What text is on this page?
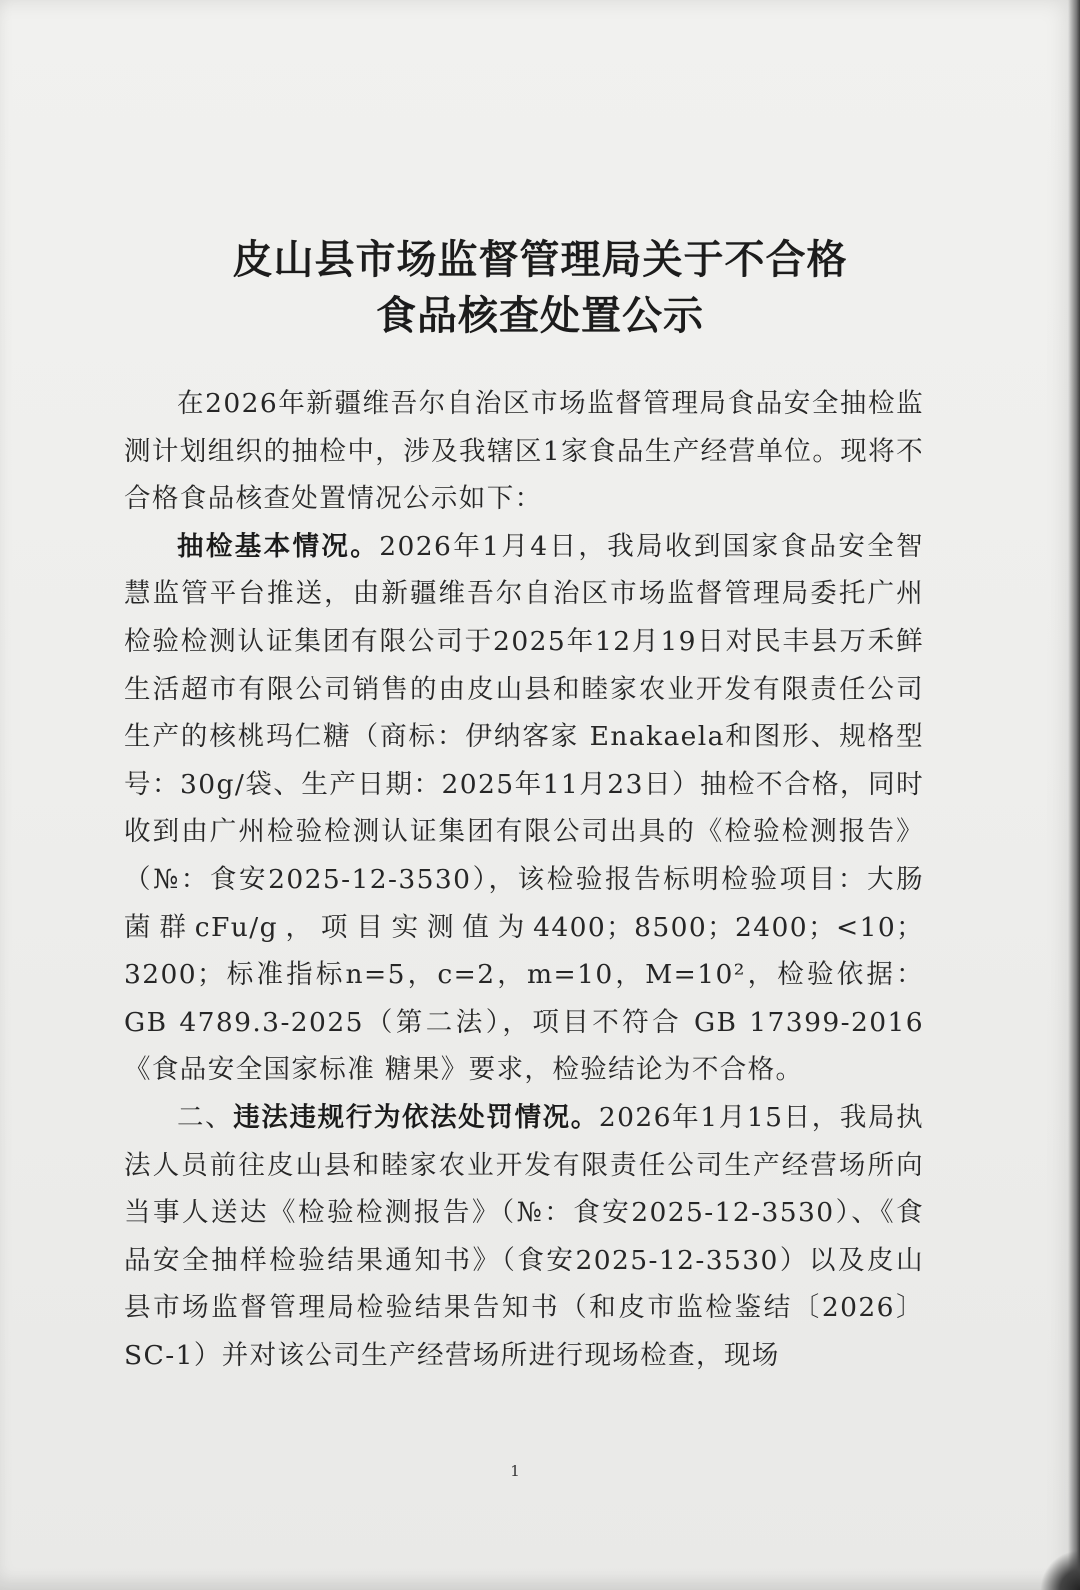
皮山县市场监督管理局关于不合格
食品核查处置公示

在2026年新疆维吾尔自治区市场监督管理局食品安全抽检监测计划组织的抽检中，涉及我辖区1家食品生产经营单位。现将不合格食品核查处置情况公示如下：

抽检基本情况。2026年1月4日，我局收到国家食品安全智慧监管平台推送，由新疆维吾尔自治区市场监督管理局委托广州检验检测认证集团有限公司于2025年12月19日对民丰县万禾鲜生活超市有限公司销售的由皮山县和睦家农业开发有限责任公司生产的核桃玛仁糖（商标：伊纳客家 Enakaela和图形、规格型号：30g/袋、生产日期：2025年11月23日）抽检不合格，同时收到由广州检验检测认证集团有限公司出具的《检验检测报告》（№：食安2025-12-3530），该检验报告标明检验项目：大肠菌群cFu/g，项目实测值为4400；8500；2400；<10；3200；标准指标n=5，c=2，m=10，M=10²，检验依据：GB 4789.3-2025（第二法），项目不符合 GB 17399-2016《食品安全国家标准 糖果》要求，检验结论为不合格。

二、违法违规行为依法处罚情况。2026年1月15日，我局执法人员前往皮山县和睦家农业开发有限责任公司生产经营场所向当事人送达《检验检测报告》（№：食安2025-12-3530）、《食品安全抽样检验结果通知书》（食安2025-12-3530）以及皮山县市场监督管理局检验结果告知书（和皮市监检鉴结〔2026〕SC-1）并对该公司生产经营场所进行现场检查，现场

1
